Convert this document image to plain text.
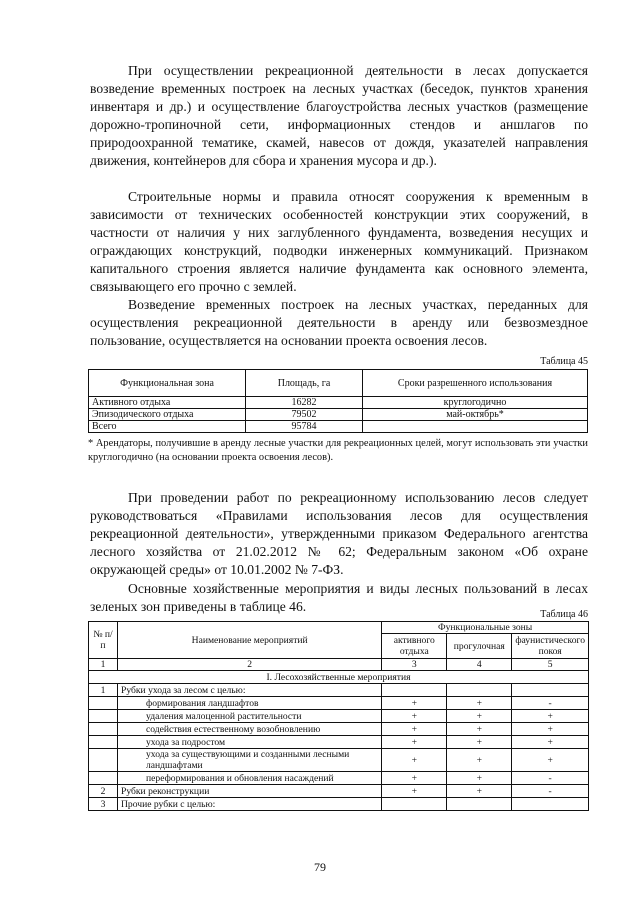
При осуществлении рекреационной деятельности в лесах допускается возведение временных построек на лесных участках (беседок, пунктов хранения инвентаря и др.) и осуществление благоустройства лесных участков (размещение дорожно-тропиночной сети, информационных стендов и аншлагов по природоохранной тематике, скамей, навесов от дождя, указателей направления движения, контейнеров для сбора и хранения мусора и др.).

Строительные нормы и правила относят сооружения к временным в зависимости от технических особенностей конструкции этих сооружений, в частности от наличия у них заглубленного фундамента, возведения несущих и ограждающих конструкций, подводки инженерных коммуникаций. Признаком капитального строения является наличие фундамента как основного элемента, связывающего его прочно с землей.

Возведение временных построек на лесных участках, переданных для осуществления рекреационной деятельности в аренду или безвозмездное пользование, осуществляется на основании проекта освоения лесов.

Таблица 45

Функциональная зона	Площадь, га	Сроки разрешенного использования
Активного отдыха	16282	круглогодично
Эпизодического отдыха	79502	май-октябрь*
Всего	95784	

* Арендаторы, получившие в аренду лесные участки для рекреационных целей, могут использовать эти участки круглогодично (на основании проекта освоения лесов).

При проведении работ по рекреационному использованию лесов следует руководствоваться «Правилами использования лесов для осуществления рекреационной деятельности», утвержденными приказом Федерального агентства лесного хозяйства от 21.02.2012 № 62; Федеральным законом «Об охране окружающей среды» от 10.01.2002 № 7-ФЗ.

Основные хозяйственные мероприятия и виды лесных пользований в лесах зеленых зон приведены в таблице 46.

Таблица 46

№ п/п	Наименование мероприятий	Функциональные зоны		
		активного отдыха	прогулочная	фаунистического покоя
1	2	3	4	5
I. Лесохозяйственные мероприятия				
1	Рубки ухода за лесом с целью:			
	формирования ландшафтов	+	+	-
	удаления малоценной растительности	+	+	+
	содействия естественному возобновлению	+	+	+
	ухода за подростом	+	+	+
	ухода за существующими и созданными лесными ландшафтами	+	+	+
	переформирования и обновления насаждений	+	+	-
2	Рубки реконструкции	+	+	-
3	Прочие рубки с целью:			

79
